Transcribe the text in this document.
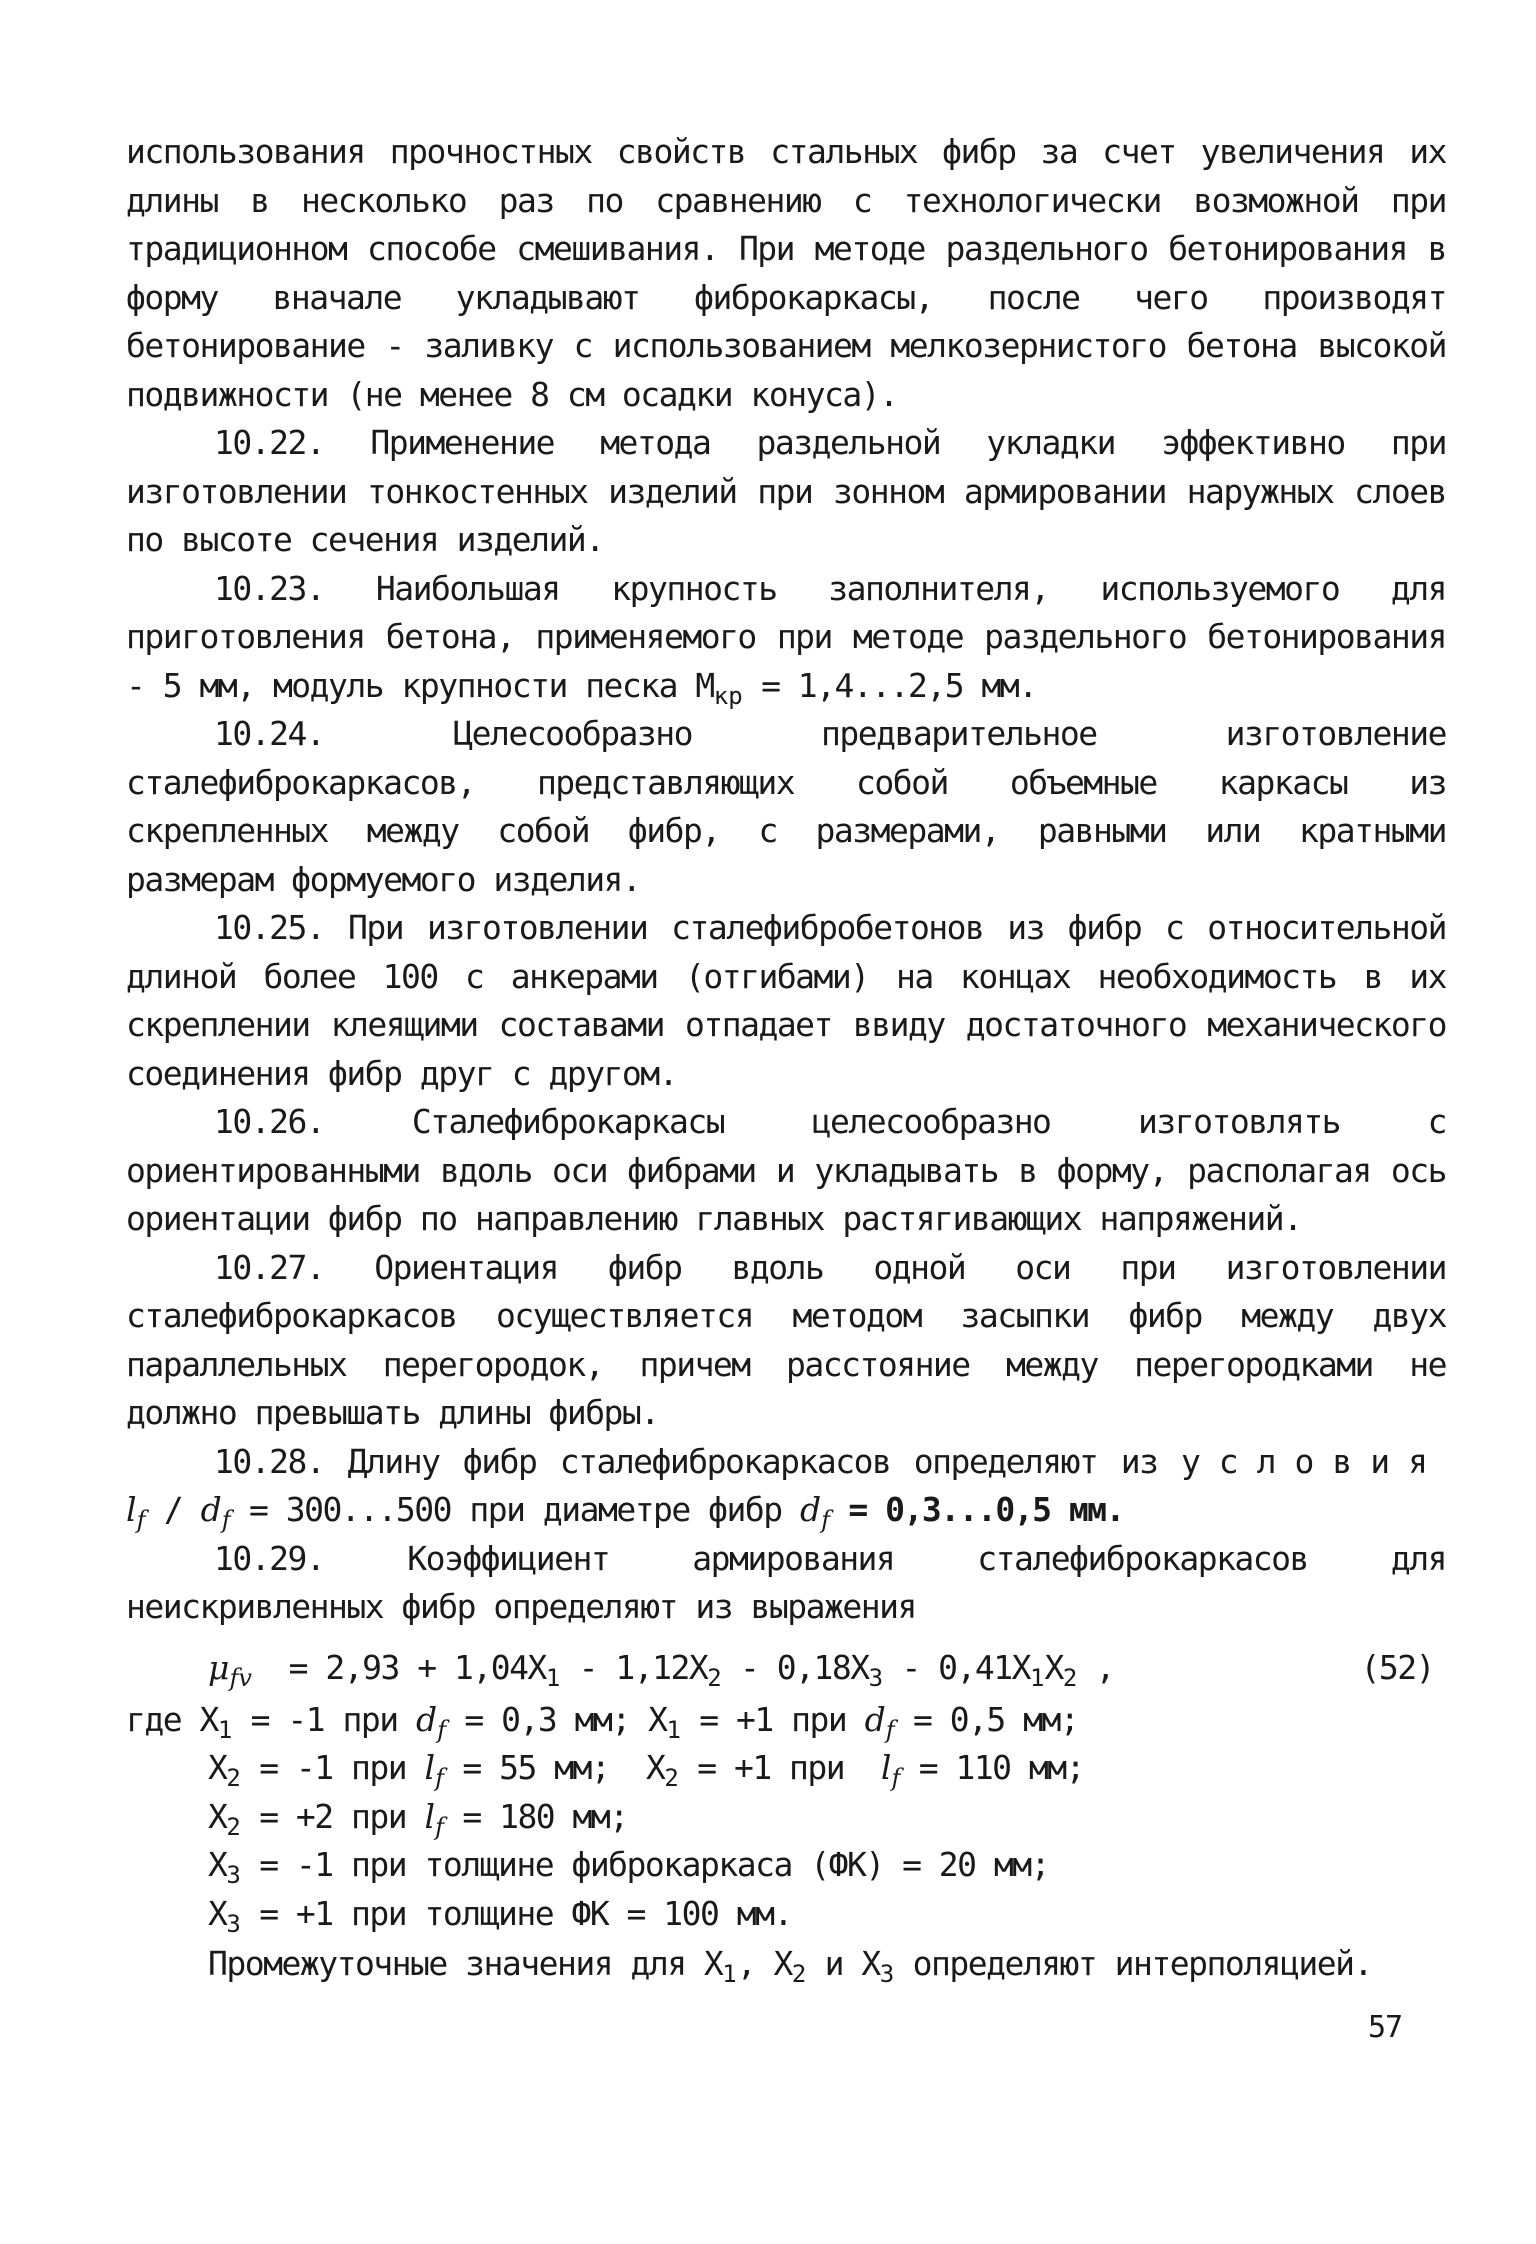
использования прочностных свойств стальных фибр за счет увеличения их длины в несколько раз по сравнению с технологически возможной при традиционном способе смешивания. При методе раздельного бетонирования в форму вначале укладывают фиброкаркасы, после чего производят бетонирование - заливку с использованием мелкозернистого бетона высокой подвижности (не менее 8 см осадки конуса).

10.22. Применение метода раздельной укладки эффективно при изготовлении тонкостенных изделий при зонном армировании наружных слоев по высоте сечения изделий.

10.23. Наибольшая крупность заполнителя, используемого для приготовления бетона, применяемого при методе раздельного бетонирования - 5 мм, модуль крупности песка $M_{кр} = 1,4...2,5$ мм.

10.24.	Целесообразно предварительное изготовление сталефиброкаркасов, представляющих собой объемные каркасы из скрепленных между собой фибр, с размерами, равными или кратными размерам формуемого изделия.

10.25. При изготовлении сталефибробетонов из фибр с относительной длиной более 100 с анкерами (отгибами) на концах необходимость в их скреплении клеящими составами отпадает ввиду достаточного механического соединения фибр друг с другом.

10.26.	Сталефиброкаркасы целесообразно изготовлять с ориентированными вдоль оси фибрами и укладывать в форму, располагая ось ориентации фибр по направлению главных растягивающих напряжений.

10.27. Ориентация фибр вдоль одной оси при изготовлении сталефиброкаркасов осуществляется методом засыпки фибр между двух параллельных перегородок, причем расстояние между перегородками не должно превышать длины фибры.

10.28. Длину фибр сталефиброкаркасов определяют из условия $l_f / d_f = 300...500$ при диаметре фибр $d_f = 0,3...0,5$ мм.

10.29.	Коэффициент армирования сталефиброкаркасов для неискривленных фибр определяют из выражения

$\mu_{fv} = 2,93 + 1,04X_1 - 1,12X_2 - 0,18X_3 - 0,41X_1X_2$ ,	(52)
где $X_1 = -1$ при $d_f = 0,3$ мм; $X_1 = +1$ при $d_f = 0,5$ мм;
$X_2 = -1$ при $l_f = 55$ мм;  $X_2 = +1$ при  $l_f = 110$ мм;
$X_2 = +2$ при $l_f = 180$ мм;
$X_3 = -1$ при толщине фиброкаркаса (ФК) = 20 мм;
$X_3 = +1$ при толщине ФК = 100 мм.
Промежуточные значения для $X_1$, $X_2$ и $X_3$ определяют интерполяцией.
57
